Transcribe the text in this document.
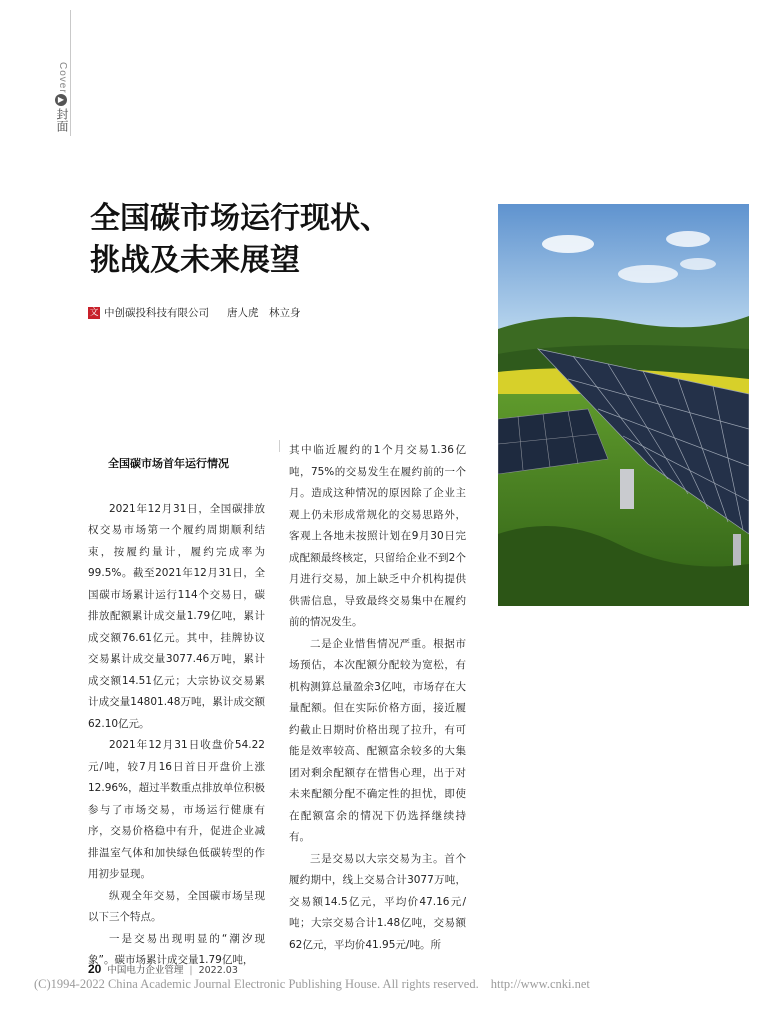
Cover
▶
封面
全国碳市场运行现状、
挑战及未来展望
文 中创碳投科技有限公司 唐人虎　林立身
全国碳市场首年运行情况

2021年12月31日，全国碳排放权交易市场第一个履约周期顺利结束，按履约量计，履约完成率为99.5%。截至2021年12月31日，全国碳市场累计运行114个交易日，碳排放配额累计成交量1.79亿吨，累计成交额76.61亿元。其中，挂牌协议交易累计成交量3077.46万吨，累计成交额14.51亿元；大宗协议交易累计成交量14801.48万吨，累计成交额62.10亿元。

2021年12月31日收盘价54.22元/吨，较7月16日首日开盘价上涨12.96%，超过半数重点排放单位积极参与了市场交易，市场运行健康有序，交易价格稳中有升，促进企业减排温室气体和加快绿色低碳转型的作用初步显现。

纵观全年交易，全国碳市场呈现以下三个特点。

一是交易出现明显的“潮汐现象”。碳市场累计成交量1.79亿吨，

其中临近履约的1个月交易1.36亿吨，75%的交易发生在履约前的一个月。造成这种情况的原因除了企业主观上仍未形成常规化的交易思路外，客观上各地未按照计划在9月30日完成配额最终核定，只留给企业不到2个月进行交易，加上缺乏中介机构提供供需信息，导致最终交易集中在履约前的情况发生。

二是企业惜售情况严重。根据市场预估，本次配额分配较为宽松，有机构测算总量盈余3亿吨，市场存在大量配额。但在实际价格方面，接近履约截止日期时价格出现了拉升，有可能是效率较高、配额富余较多的大集团对剩余配额存在惜售心理，出于对未来配额分配不确定性的担忧，即使在配额富余的情况下仍选择继续持有。

三是交易以大宗交易为主。首个履约期中，线上交易合计3077万吨，交易额14.5亿元，平均价47.16元/吨；大宗交易合计1.48亿吨，交易额62亿元，平均价41.95元/吨。所

20 中国电力企业管理 | 2022.03
(C)1994-2022 China Academic Journal Electronic Publishing House. All rights reserved. http://www.cnki.net
